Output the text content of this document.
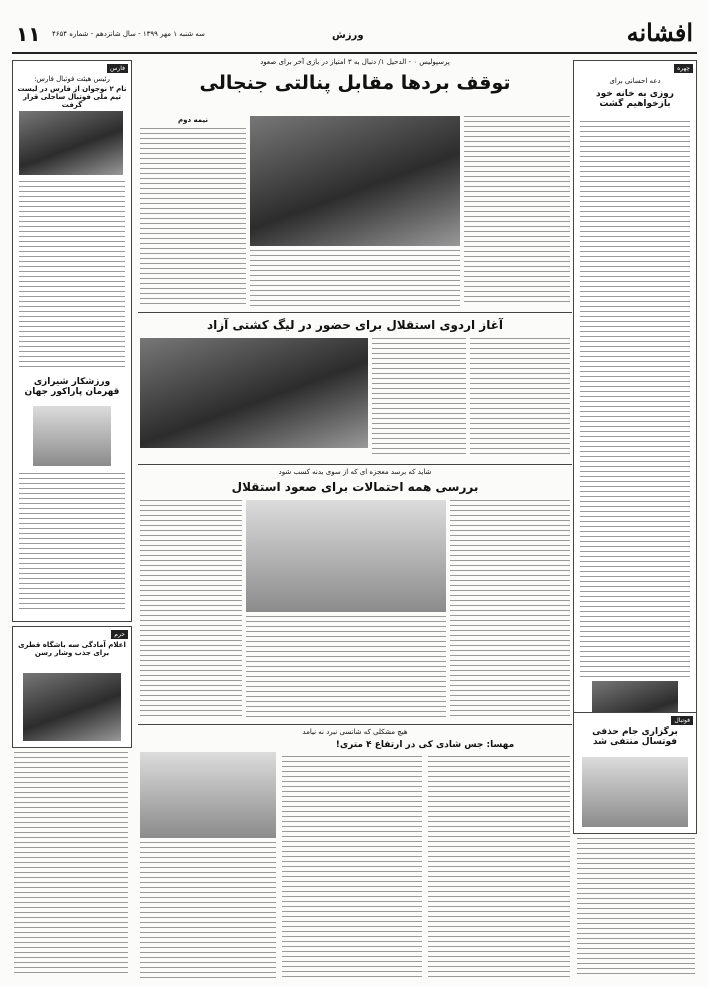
۱۱ سه شنبه ۱ مهر ۱۳۹۹ - سال شانزدهم - شماره ۴۶۵۴	ورزش	افشانه
چهره
دعه احسانی برای
روزی به خانه خود بازخواهیم گشت
فوتبال
برگزاری جام حذفی فوتسال منتفی شد
فارس
رئیس هیئت فوتبال فارس:
نام ۲ نوجوان از فارس در لیست تیم ملی فوتبال ساحلی قرار گرفت
ورزشکار شیرازی قهرمان پاراکور جهان
حرم
اعلام آمادگی سه باشگاه قطری برای جذب وشار رسن
پرسپولیس ۰ - الدحیل ۱/ دنبال به ۳ امتیاز در بازی آخر برای صعود
توقف بردها مقابل پنالتی جنجالی
نیمه دوم
آغاز اردوی استقلال برای حضور در لیگ کشتی آزاد
شاید که برسد معجزه ای که از سوی بدنه کسب شود
بررسی همه احتمالات برای صعود استقلال
هیچ مشکلی که شانسی نبرد نه نیامد
مهسا: جس شادی کی در ارتفاع ۴ متری!
